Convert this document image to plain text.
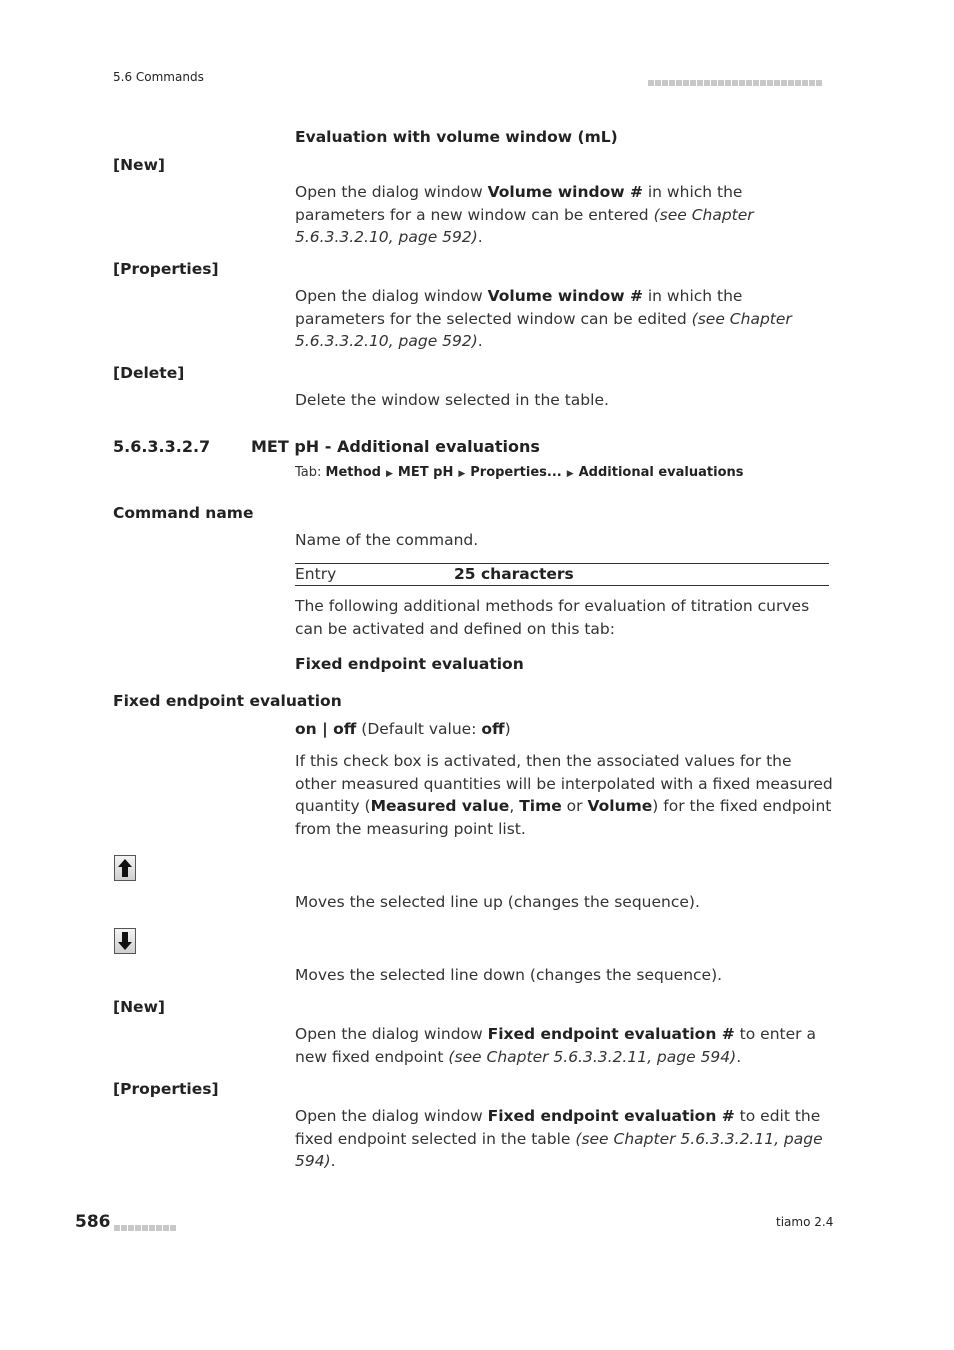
5.6 Commands
Evaluation with volume window (mL)
[New]
Open the dialog window Volume window # in which the parameters for a new window can be entered (see Chapter 5.6.3.3.2.10, page 592).
[Properties]
Open the dialog window Volume window # in which the parameters for the selected window can be edited (see Chapter 5.6.3.3.2.10, page 592).
[Delete]
Delete the window selected in the table.
5.6.3.3.2.7	MET pH - Additional evaluations
Tab: Method ▶ MET pH ▶ Properties... ▶ Additional evaluations
Command name
Name of the command.
Entry	25 characters
The following additional methods for evaluation of titration curves can be activated and defined on this tab:
Fixed endpoint evaluation
Fixed endpoint evaluation
on | off (Default value: off)
If this check box is activated, then the associated values for the other measured quantities will be interpolated with a fixed measured quantity (Measured value, Time or Volume) for the fixed endpoint from the measuring point list.
Moves the selected line up (changes the sequence).
Moves the selected line down (changes the sequence).
[New]
Open the dialog window Fixed endpoint evaluation # to enter a new fixed endpoint (see Chapter 5.6.3.3.2.11, page 594).
[Properties]
Open the dialog window Fixed endpoint evaluation # to edit the fixed endpoint selected in the table (see Chapter 5.6.3.3.2.11, page 594).
586	tiamo 2.4
